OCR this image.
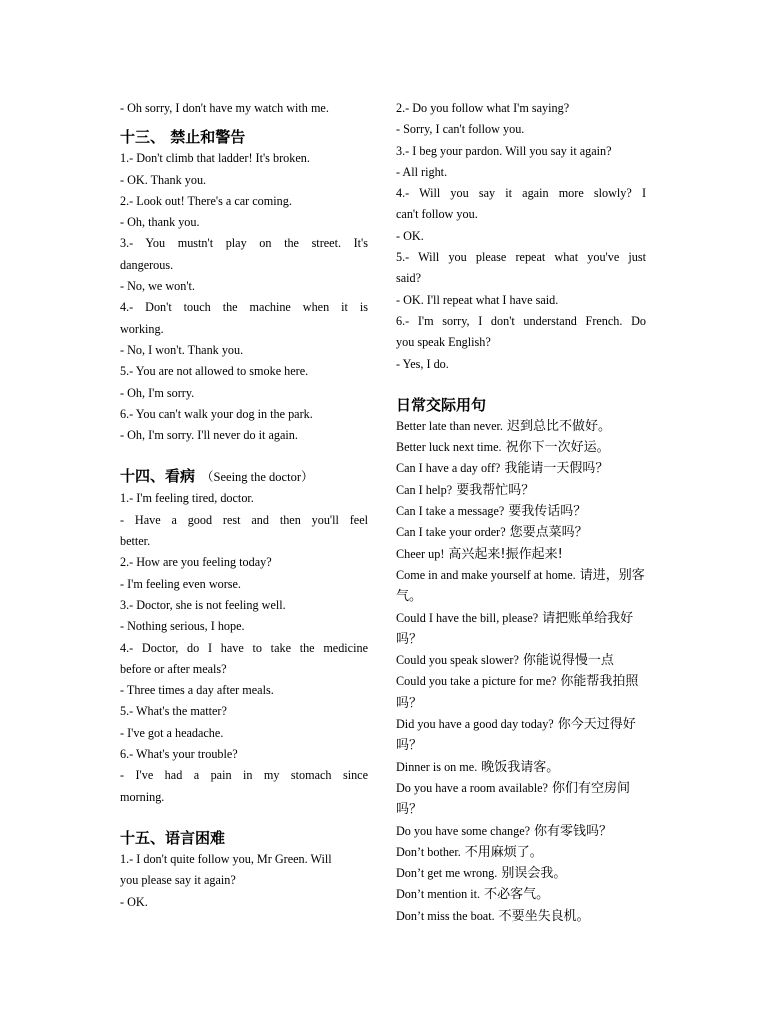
- Oh sorry, I don't have my watch with me.
十三、 禁止和警告
1.- Don't climb that ladder! It's broken.
- OK. Thank you.
2.- Look out! There's a car coming.
- Oh, thank you.
3.- You mustn't play on the street. It's
dangerous.
- No, we won't.
4.- Don't touch the machine when it is
working.
- No, I won't. Thank you.
5.- You are not allowed to smoke here.
- Oh, I'm sorry.
6.- You can't walk your dog in the park.
- Oh, I'm sorry. I'll never do it again.
十四、看病 （Seeing the doctor）
1.- I'm feeling tired, doctor.
- Have a good rest and then you'll feel
better.
2.- How are you feeling today?
- I'm feeling even worse.
3.- Doctor, she is not feeling well.
- Nothing serious, I hope.
4.- Doctor, do I have to take the medicine
before or after meals?
- Three times a day after meals.
5.- What's the matter?
- I've got a headache.
6.- What's your trouble?
- I've had a pain in my stomach since
morning.
十五、语言困难
1.- I don't quite follow you, Mr Green. Will
you please say it again?
- OK.
2.- Do you follow what I'm saying?
- Sorry, I can't follow you.
3.- I beg your pardon. Will you say it again?
- All right.
4.- Will you say it again more slowly? I
can't follow you.
- OK.
5.- Will you please repeat what you've just
said?
- OK. I'll repeat what I have said.
6.- I'm sorry, I don't understand French. Do
you speak English?
- Yes, I do.
日常交际用句
Better late than never. 迟到总比不做好。
Better luck next time. 祝你下一次好运。
Can I have a day off? 我能请一天假吗？
Can I help? 要我帮忙吗？
Can I take a message? 要我传话吗？
Can I take your order? 您要点菜吗？
Cheer up! 高兴起来!振作起来!
Come in and make yourself at home. 请进，别客气。
Could I have the bill, please? 请把账单给我好吗？
Could you speak slower? 你能说得慢一点
Could you take a picture for me? 你能帮我拍照吗？
Did you have a good day today? 你今天过得好吗？
Dinner is on me. 晚饭我请客。
Do you have a room available? 你们有空房间吗？
Do you have some change? 你有零钱吗？
Don’t bother. 不用麻烦了。
Don’t get me wrong. 别误会我。
Don’t mention it. 不必客气。
Don’t miss the boat. 不要坐失良机。
